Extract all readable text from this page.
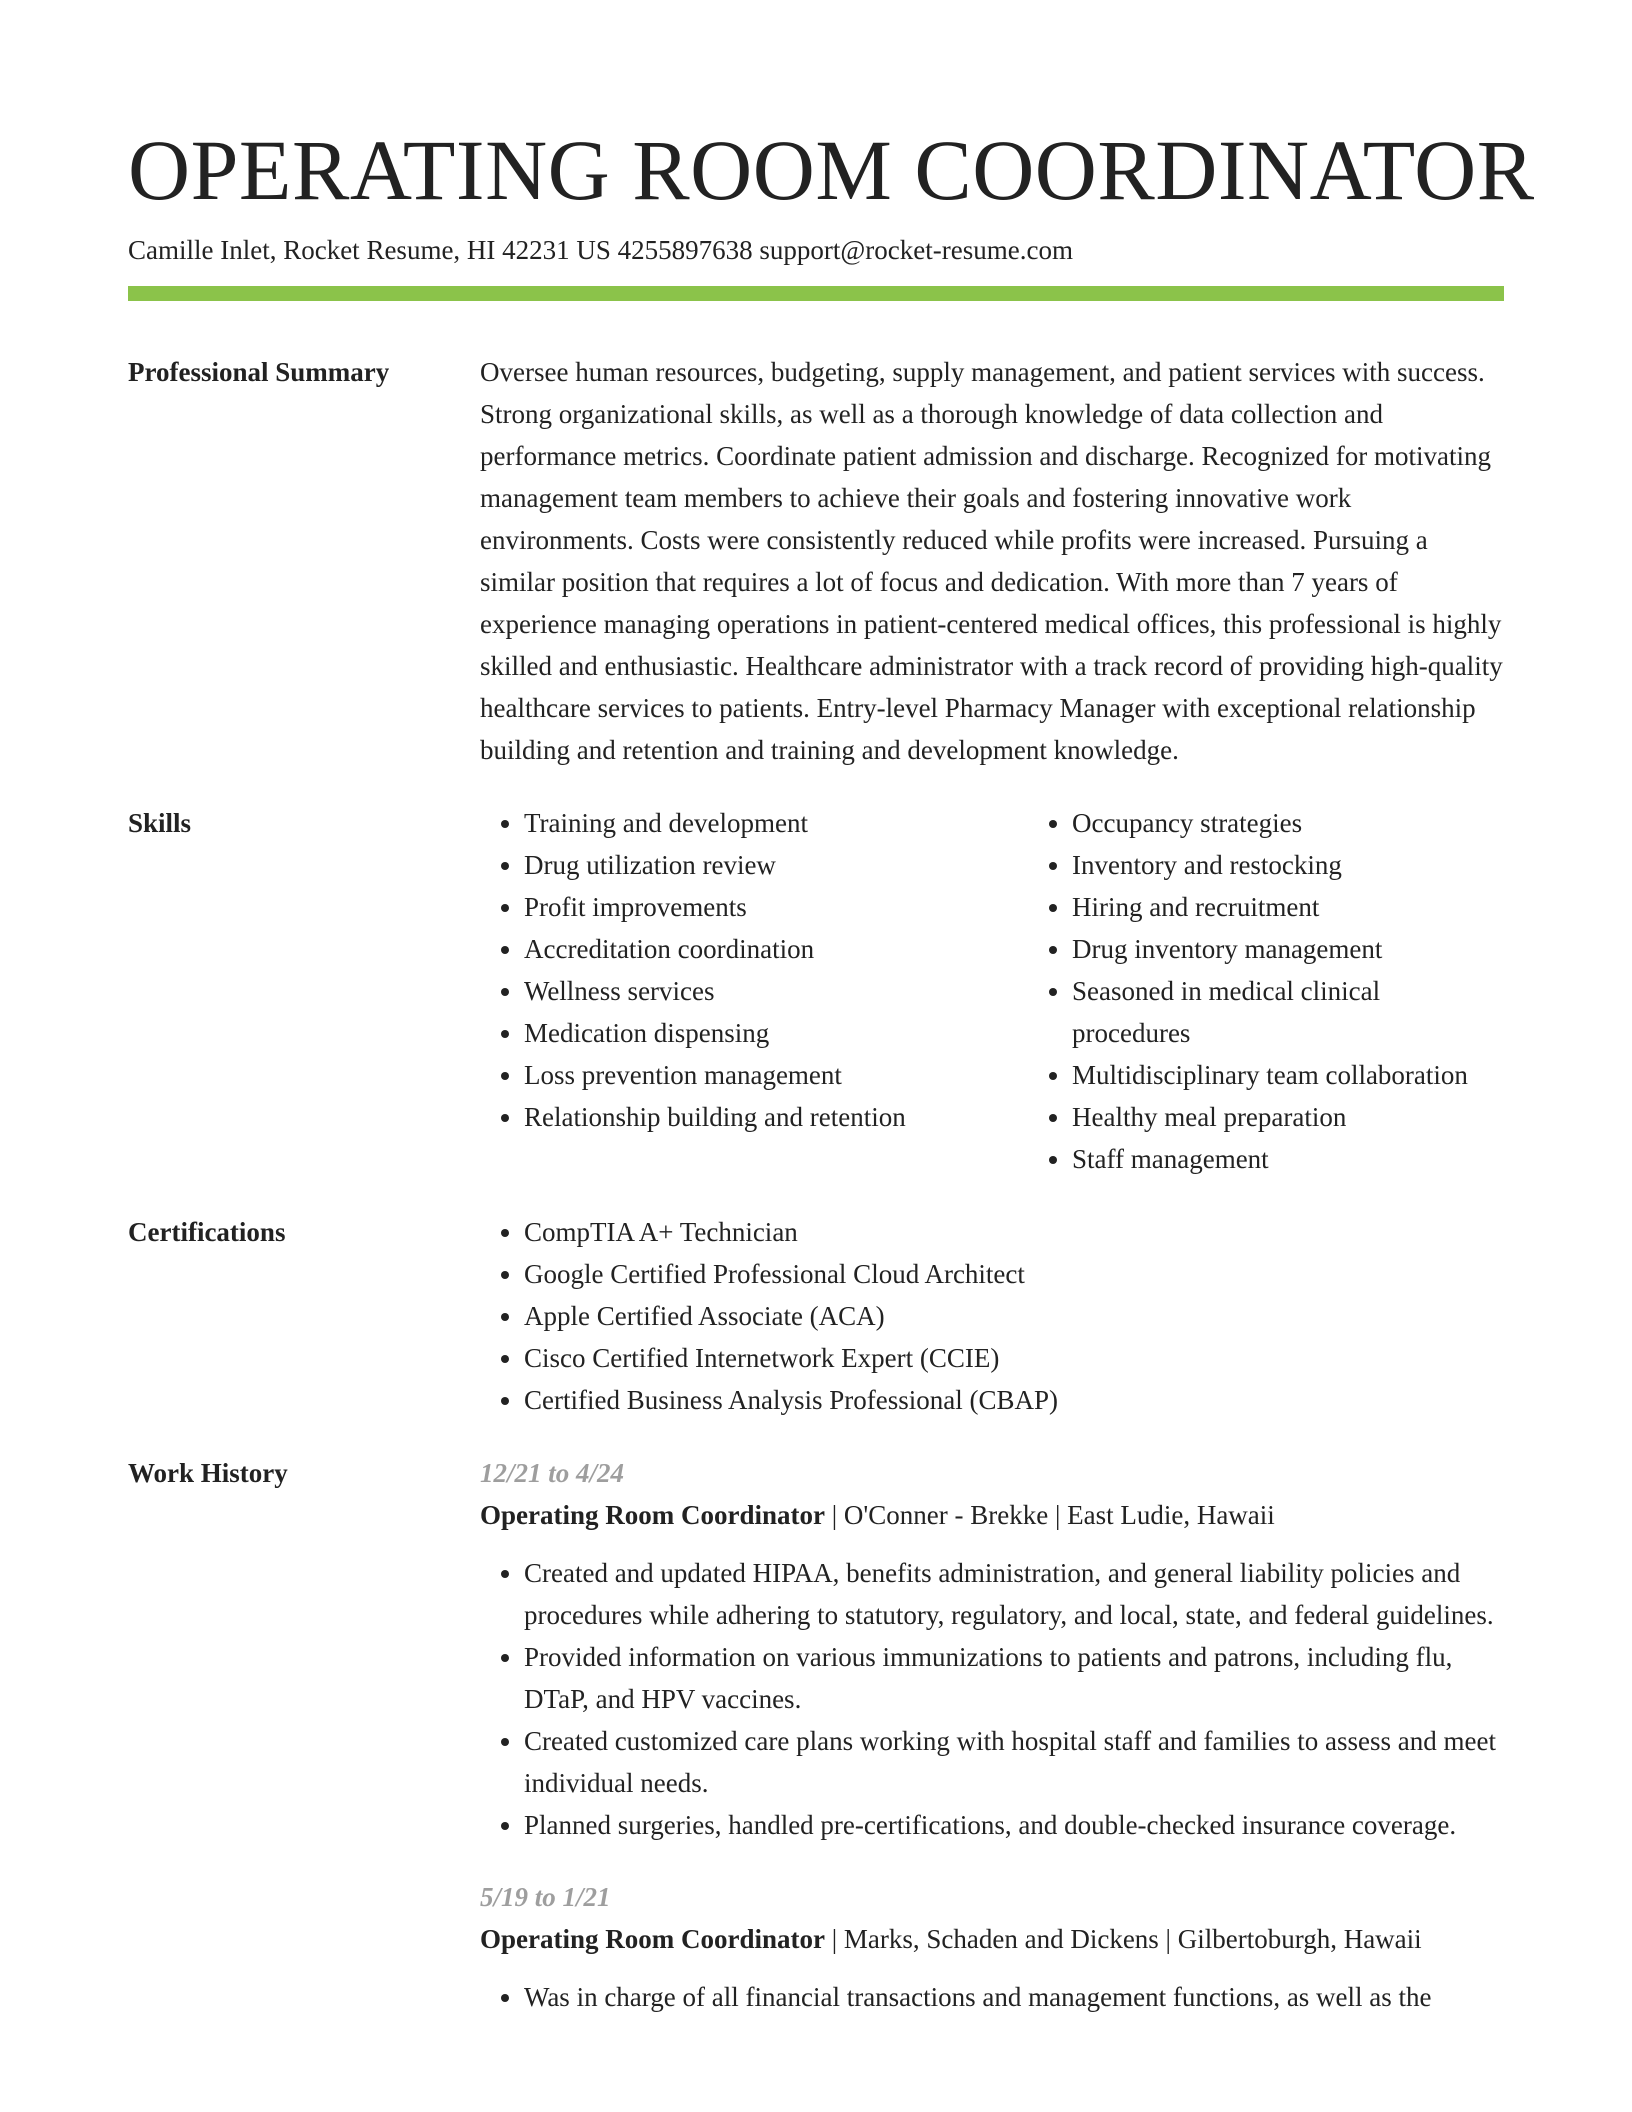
OPERATING ROOM COORDINATOR
Camille Inlet, Rocket Resume, HI 42231 US 4255897638 support@rocket-resume.com
Professional Summary	Oversee human resources, budgeting, supply management, and patient services with success. Strong organizational skills, as well as a thorough knowledge of data collection and performance metrics. Coordinate patient admission and discharge. Recognized for motivating management team members to achieve their goals and fostering innovative work environments. Costs were consistently reduced while profits were increased. Pursuing a similar position that requires a lot of focus and dedication. With more than 7 years of experience managing operations in patient-centered medical offices, this professional is highly skilled and enthusiastic. Healthcare administrator with a track record of providing high-quality healthcare services to patients. Entry-level Pharmacy Manager with exceptional relationship building and retention and training and development knowledge.
Skills	• Training and development
• Drug utilization review
• Profit improvements
• Accreditation coordination
• Wellness services
• Medication dispensing
• Loss prevention management
• Relationship building and retention
• Occupancy strategies
• Inventory and restocking
• Hiring and recruitment
• Drug inventory management
• Seasoned in medical clinical procedures
• Multidisciplinary team collaboration
• Healthy meal preparation
• Staff management
Certifications	• CompTIA A+ Technician
• Google Certified Professional Cloud Architect
• Apple Certified Associate (ACA)
• Cisco Certified Internetwork Expert (CCIE)
• Certified Business Analysis Professional (CBAP)
Work History	12/21 to 4/24
Operating Room Coordinator | O'Conner - Brekke | East Ludie, Hawaii
• Created and updated HIPAA, benefits administration, and general liability policies and procedures while adhering to statutory, regulatory, and local, state, and federal guidelines.
• Provided information on various immunizations to patients and patrons, including flu, DTaP, and HPV vaccines.
• Created customized care plans working with hospital staff and families to assess and meet individual needs.
• Planned surgeries, handled pre-certifications, and double-checked insurance coverage.
5/19 to 1/21
Operating Room Coordinator | Marks, Schaden and Dickens | Gilbertoburgh, Hawaii
• Was in charge of all financial transactions and management functions, as well as the
